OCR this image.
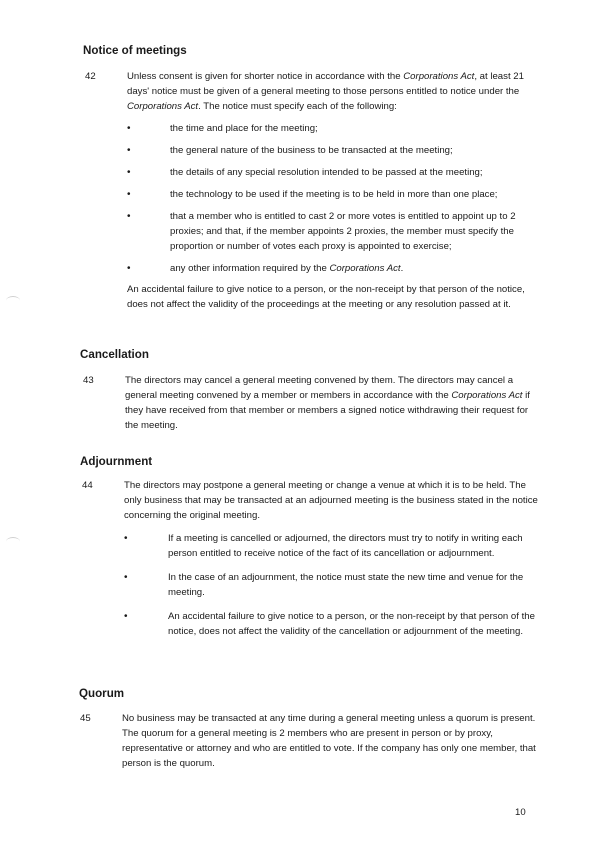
Notice of meetings
42	Unless consent is given for shorter notice in accordance with the Corporations Act, at least 21 days' notice must be given of a general meeting to those persons entitled to notice under the Corporations Act. The notice must specify each of the following:

•	the time and place for the meeting;
•	the general nature of the business to be transacted at the meeting;
•	the details of any special resolution intended to be passed at the meeting;
•	the technology to be used if the meeting is to be held in more than one place;
•	that a member who is entitled to cast 2 or more votes is entitled to appoint up to 2 proxies; and that, if the member appoints 2 proxies, the member must specify the proportion or number of votes each proxy is appointed to exercise;
•	any other information required by the Corporations Act.

An accidental failure to give notice to a person, or the non-receipt by that person of the notice, does not affect the validity of the proceedings at the meeting or any resolution passed at it.

Cancellation
43	The directors may cancel a general meeting convened by them. The directors may cancel a general meeting convened by a member or members in accordance with the Corporations Act if they have received from that member or members a signed notice withdrawing their request for the meeting.

Adjournment
44	The directors may postpone a general meeting or change a venue at which it is to be held. The only business that may be transacted at an adjourned meeting is the business stated in the notice concerning the original meeting.

•	If a meeting is cancelled or adjourned, the directors must try to notify in writing each person entitled to receive notice of the fact of its cancellation or adjournment.
•	In the case of an adjournment, the notice must state the new time and venue for the meeting.
•	An accidental failure to give notice to a person, or the non-receipt by that person of the notice, does not affect the validity of the cancellation or adjournment of the meeting.
Quorum
45	No business may be transacted at any time during a general meeting unless a quorum is present. The quorum for a general meeting is 2 members who are present in person or by proxy, representative or attorney and who are entitled to vote. If the company has only one member, that person is the quorum.

10
